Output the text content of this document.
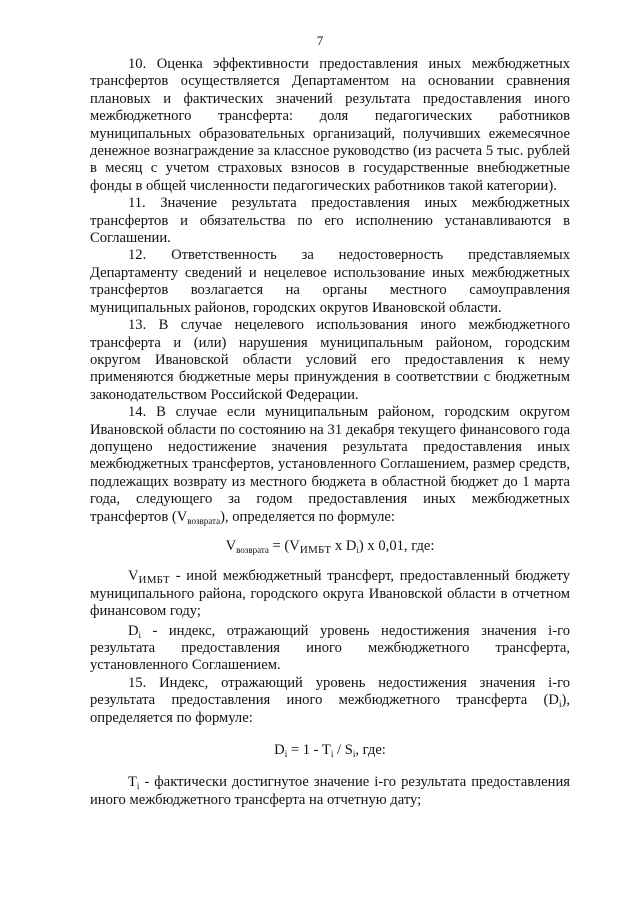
7

10. Оценка эффективности предоставления иных межбюджетных трансфертов осуществляется Департаментом на основании сравнения плановых и фактических значений результата предоставления иного межбюджетного трансферта: доля педагогических работников муниципальных образовательных организаций, получивших ежемесячное денежное вознаграждение за классное руководство (из расчета 5 тыс. рублей в месяц с учетом страховых взносов в государственные внебюджетные фонды в общей численности педагогических работников такой категории).

11. Значение результата предоставления иных межбюджетных трансфертов и обязательства по его исполнению устанавливаются в Соглашении.

12. Ответственность за недостоверность представляемых Департаменту сведений и нецелевое использование иных межбюджетных трансфертов возлагается на органы местного самоуправления муниципальных районов, городских округов Ивановской области.

13. В случае нецелевого использования иного межбюджетного трансферта и (или) нарушения муниципальным районом, городским округом Ивановской области условий его предоставления к нему применяются бюджетные меры принуждения в соответствии с бюджетным законодательством Российской Федерации.

14. В случае если муниципальным районом, городским округом Ивановской области по состоянию на 31 декабря текущего финансового года допущено недостижение значения результата предоставления иных межбюджетных трансфертов, установленного Соглашением, размер средств, подлежащих возврату из местного бюджета в областной бюджет до 1 марта года, следующего за годом предоставления иных межбюджетных трансфертов $(V_{возврата})$, определяется по формуле:

$V_{возврата} = (V_{ИМБТ}$ x $D_i$) x 0,01, где:

$V_{ИМБТ}$ - иной межбюджетный трансферт, предоставленный бюджету муниципального района, городского округа Ивановской области в отчетном финансовом году;

$D_i$ - индекс, отражающий уровень недостижения значения i-го результата предоставления иного межбюджетного трансферта, установленного Соглашением.

15. Индекс, отражающий уровень недостижения значения i-го результата предоставления иного межбюджетного трансферта $(D_i)$, определяется по формуле:

$D_i = 1 - T_i / S_i$, где:

$T_i$ - фактически достигнутое значение i-го результата предоставления иного межбюджетного трансферта на отчетную дату;
